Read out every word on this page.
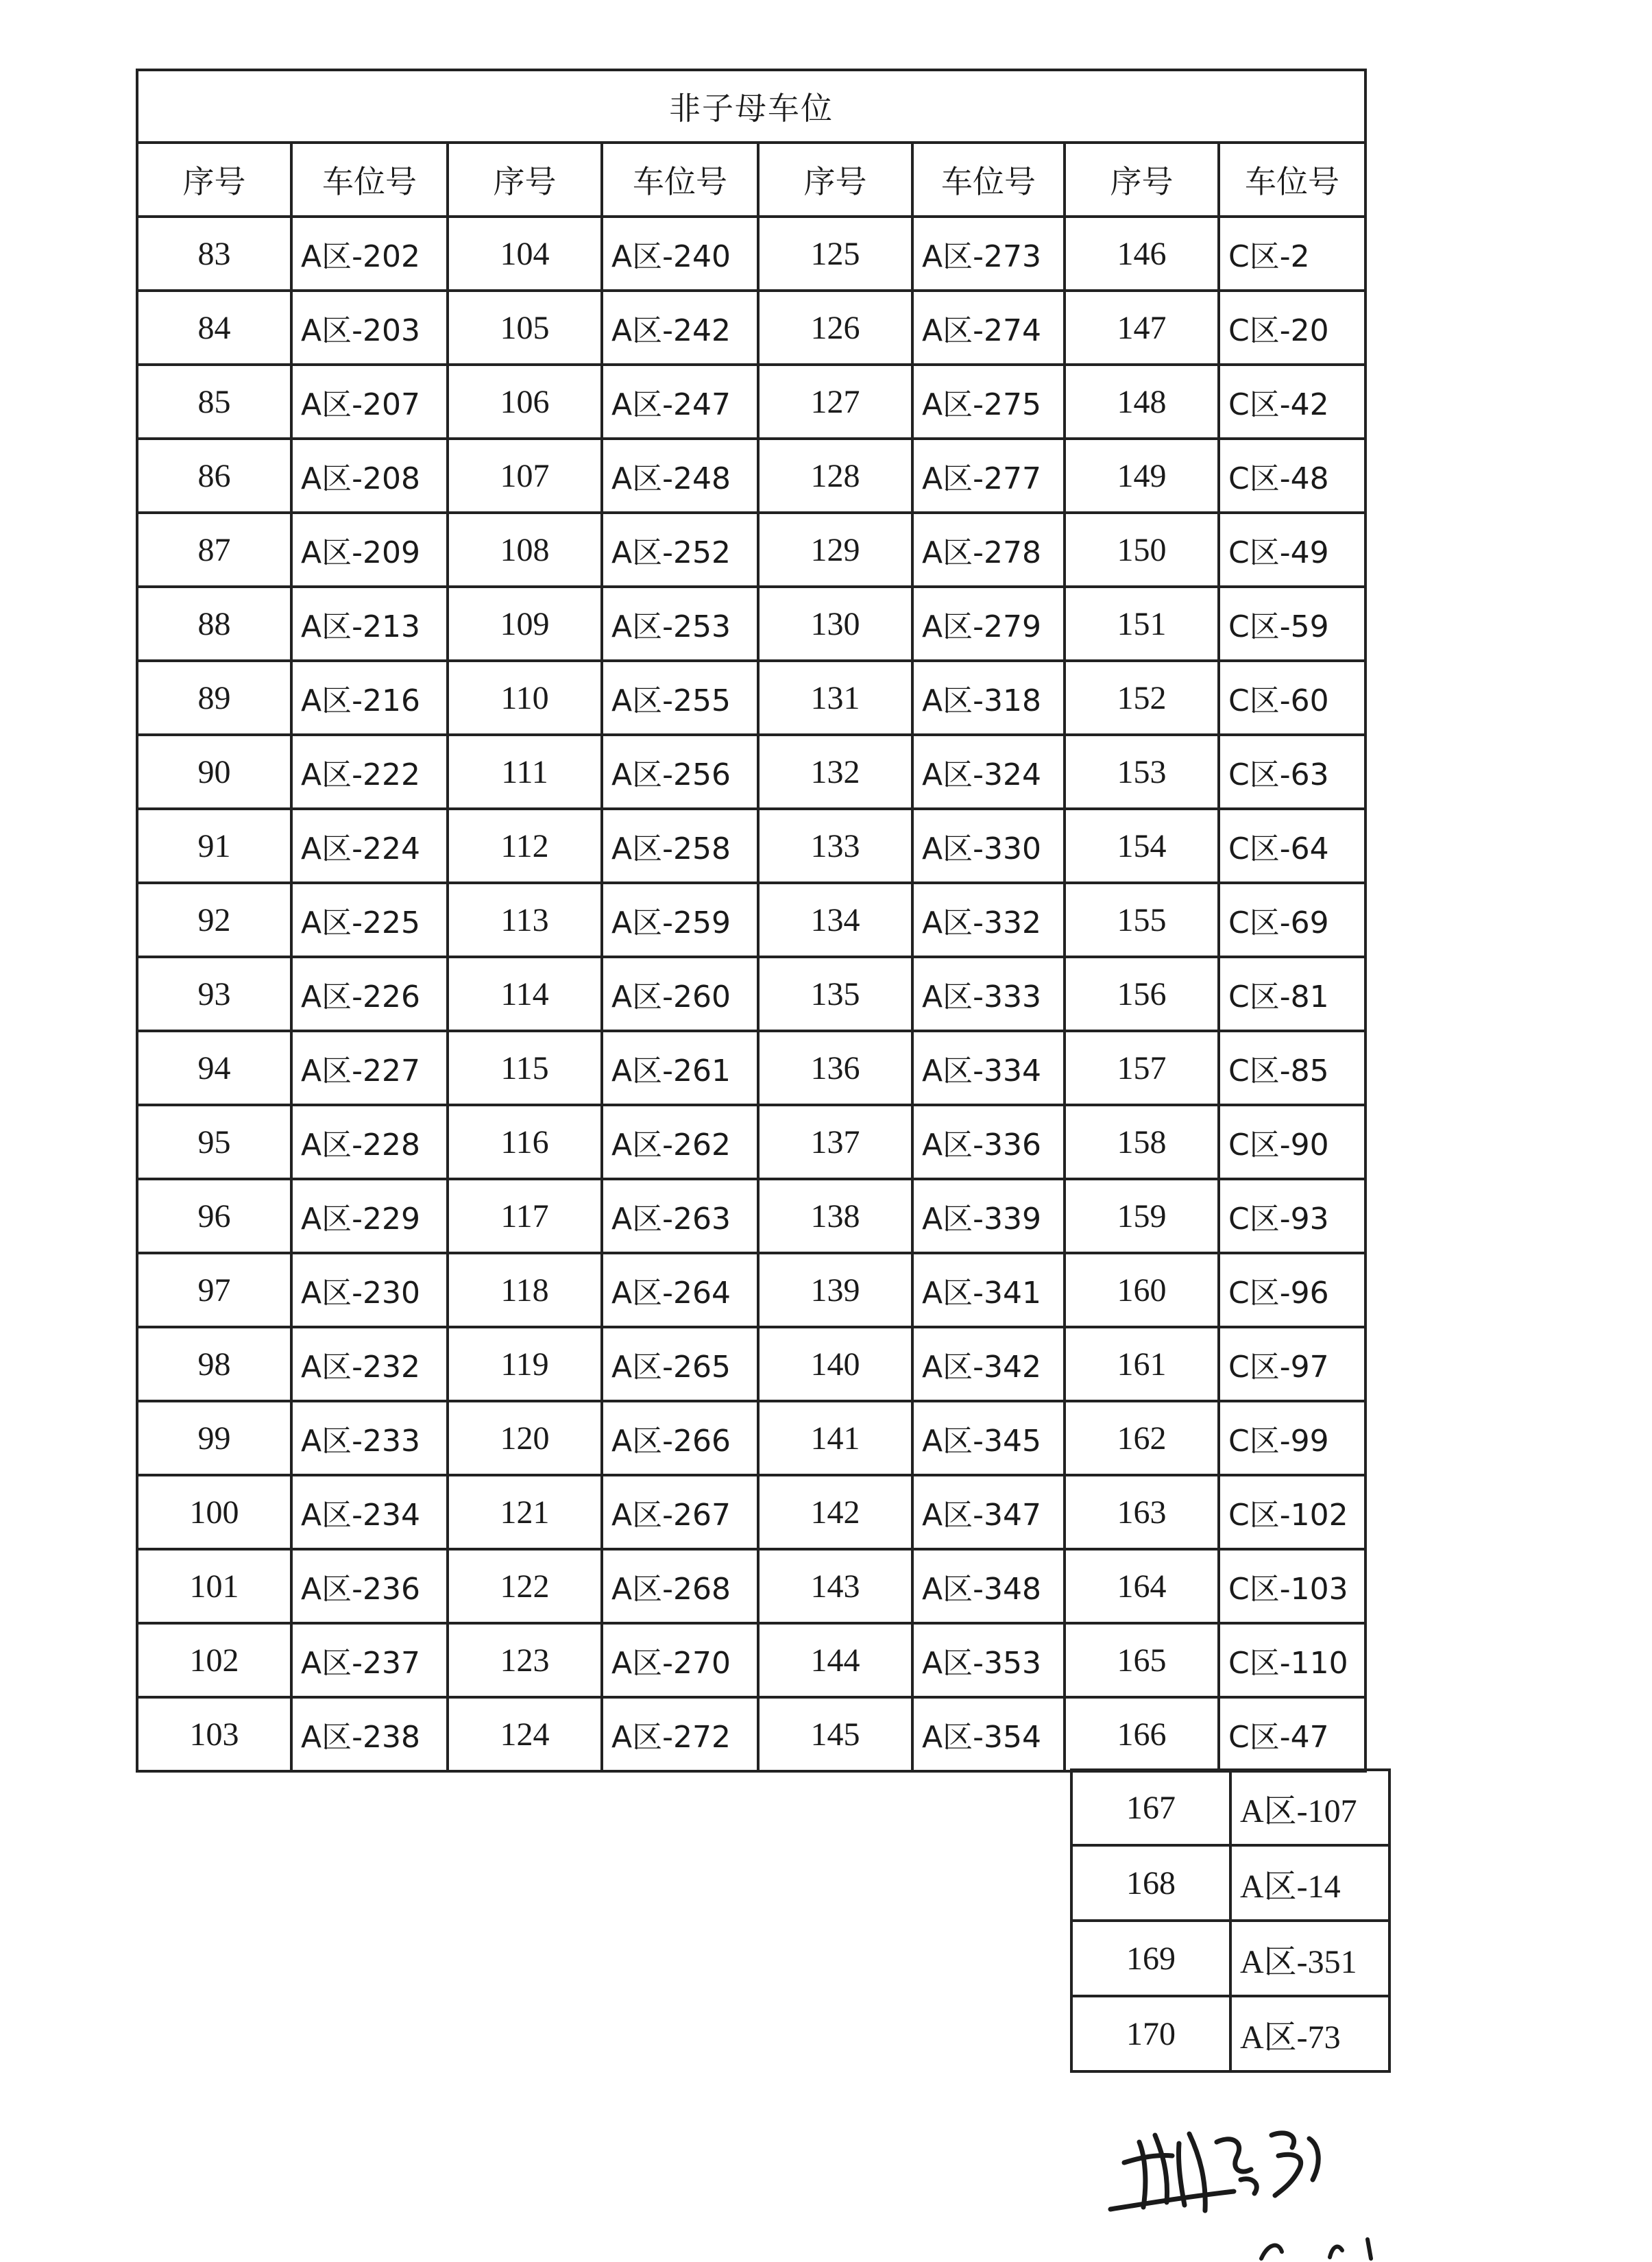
非子母车位							
序号	车位号	序号	车位号	序号	车位号	序号	车位号
83	A区-202	104	A区-240	125	A区-273	146	C区-2
84	A区-203	105	A区-242	126	A区-274	147	C区-20
85	A区-207	106	A区-247	127	A区-275	148	C区-42
86	A区-208	107	A区-248	128	A区-277	149	C区-48
87	A区-209	108	A区-252	129	A区-278	150	C区-49
88	A区-213	109	A区-253	130	A区-279	151	C区-59
89	A区-216	110	A区-255	131	A区-318	152	C区-60
90	A区-222	111	A区-256	132	A区-324	153	C区-63
91	A区-224	112	A区-258	133	A区-330	154	C区-64
92	A区-225	113	A区-259	134	A区-332	155	C区-69
93	A区-226	114	A区-260	135	A区-333	156	C区-81
94	A区-227	115	A区-261	136	A区-334	157	C区-85
95	A区-228	116	A区-262	137	A区-336	158	C区-90
96	A区-229	117	A区-263	138	A区-339	159	C区-93
97	A区-230	118	A区-264	139	A区-341	160	C区-96
98	A区-232	119	A区-265	140	A区-342	161	C区-97
99	A区-233	120	A区-266	141	A区-345	162	C区-99
100	A区-234	121	A区-267	142	A区-347	163	C区-102
101	A区-236	122	A区-268	143	A区-348	164	C区-103
102	A区-237	123	A区-270	144	A区-353	165	C区-110
103	A区-238	124	A区-272	145	A区-354	166	C区-47
167	A区-107
168	A区-14
169	A区-351
170	A区-73
